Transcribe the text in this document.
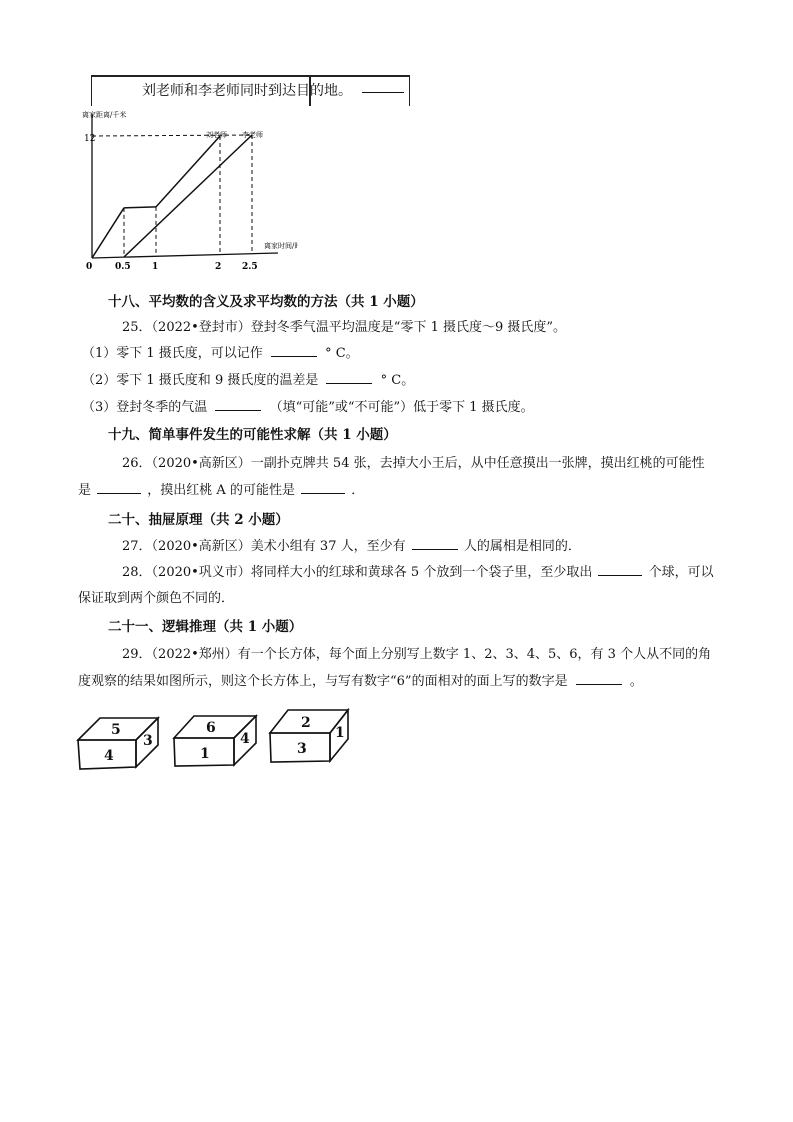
刘老师和李老师同时到达目的地。
离家距离/千米
离家时间/时
12
0	0.5 1	2 2.5
刘老师 李老师
十八、平均数的含义及求平均数的方法（共 1 小题）
25．（2022•登封市）登封冬季气温平均温度是“零下 1 摄氏度～9 摄氏度”。
（1）零下 1 摄氏度，可以记作	° C。
（2）零下 1 摄氏度和 9 摄氏度的温差是	° C。
（3）登封冬季的气温	（填“可能”或“不可能”）低于零下 1 摄氏度。
十九、简单事件发生的可能性求解（共 1 小题）
26．（2020•高新区）一副扑克牌共 54 张，去掉大小王后，从中任意摸出一张牌，摸出红桃的可能性
是	，摸出红桃 A 的可能性是	．
二十、抽屉原理（共 2 小题）
27．（2020•高新区）美术小组有 37 人，至少有	人的属相是相同的．
28．（2020•巩义市）将同样大小的红球和黄球各 5 个放到一个袋子里，至少取出	个球，可以
保证取到两个颜色不同的．
二十一、逻辑推理（共 1 小题）
29．（2022•郑州）有一个长方体，每个面上分别写上数字 1、2、3、4、5、6，有 3 个人从不同的角
度观察的结果如图所示，则这个长方体上，与写有数字“6”的面相对的面上写的数字是	。
5
4
3
6
1
4
2
3
1
